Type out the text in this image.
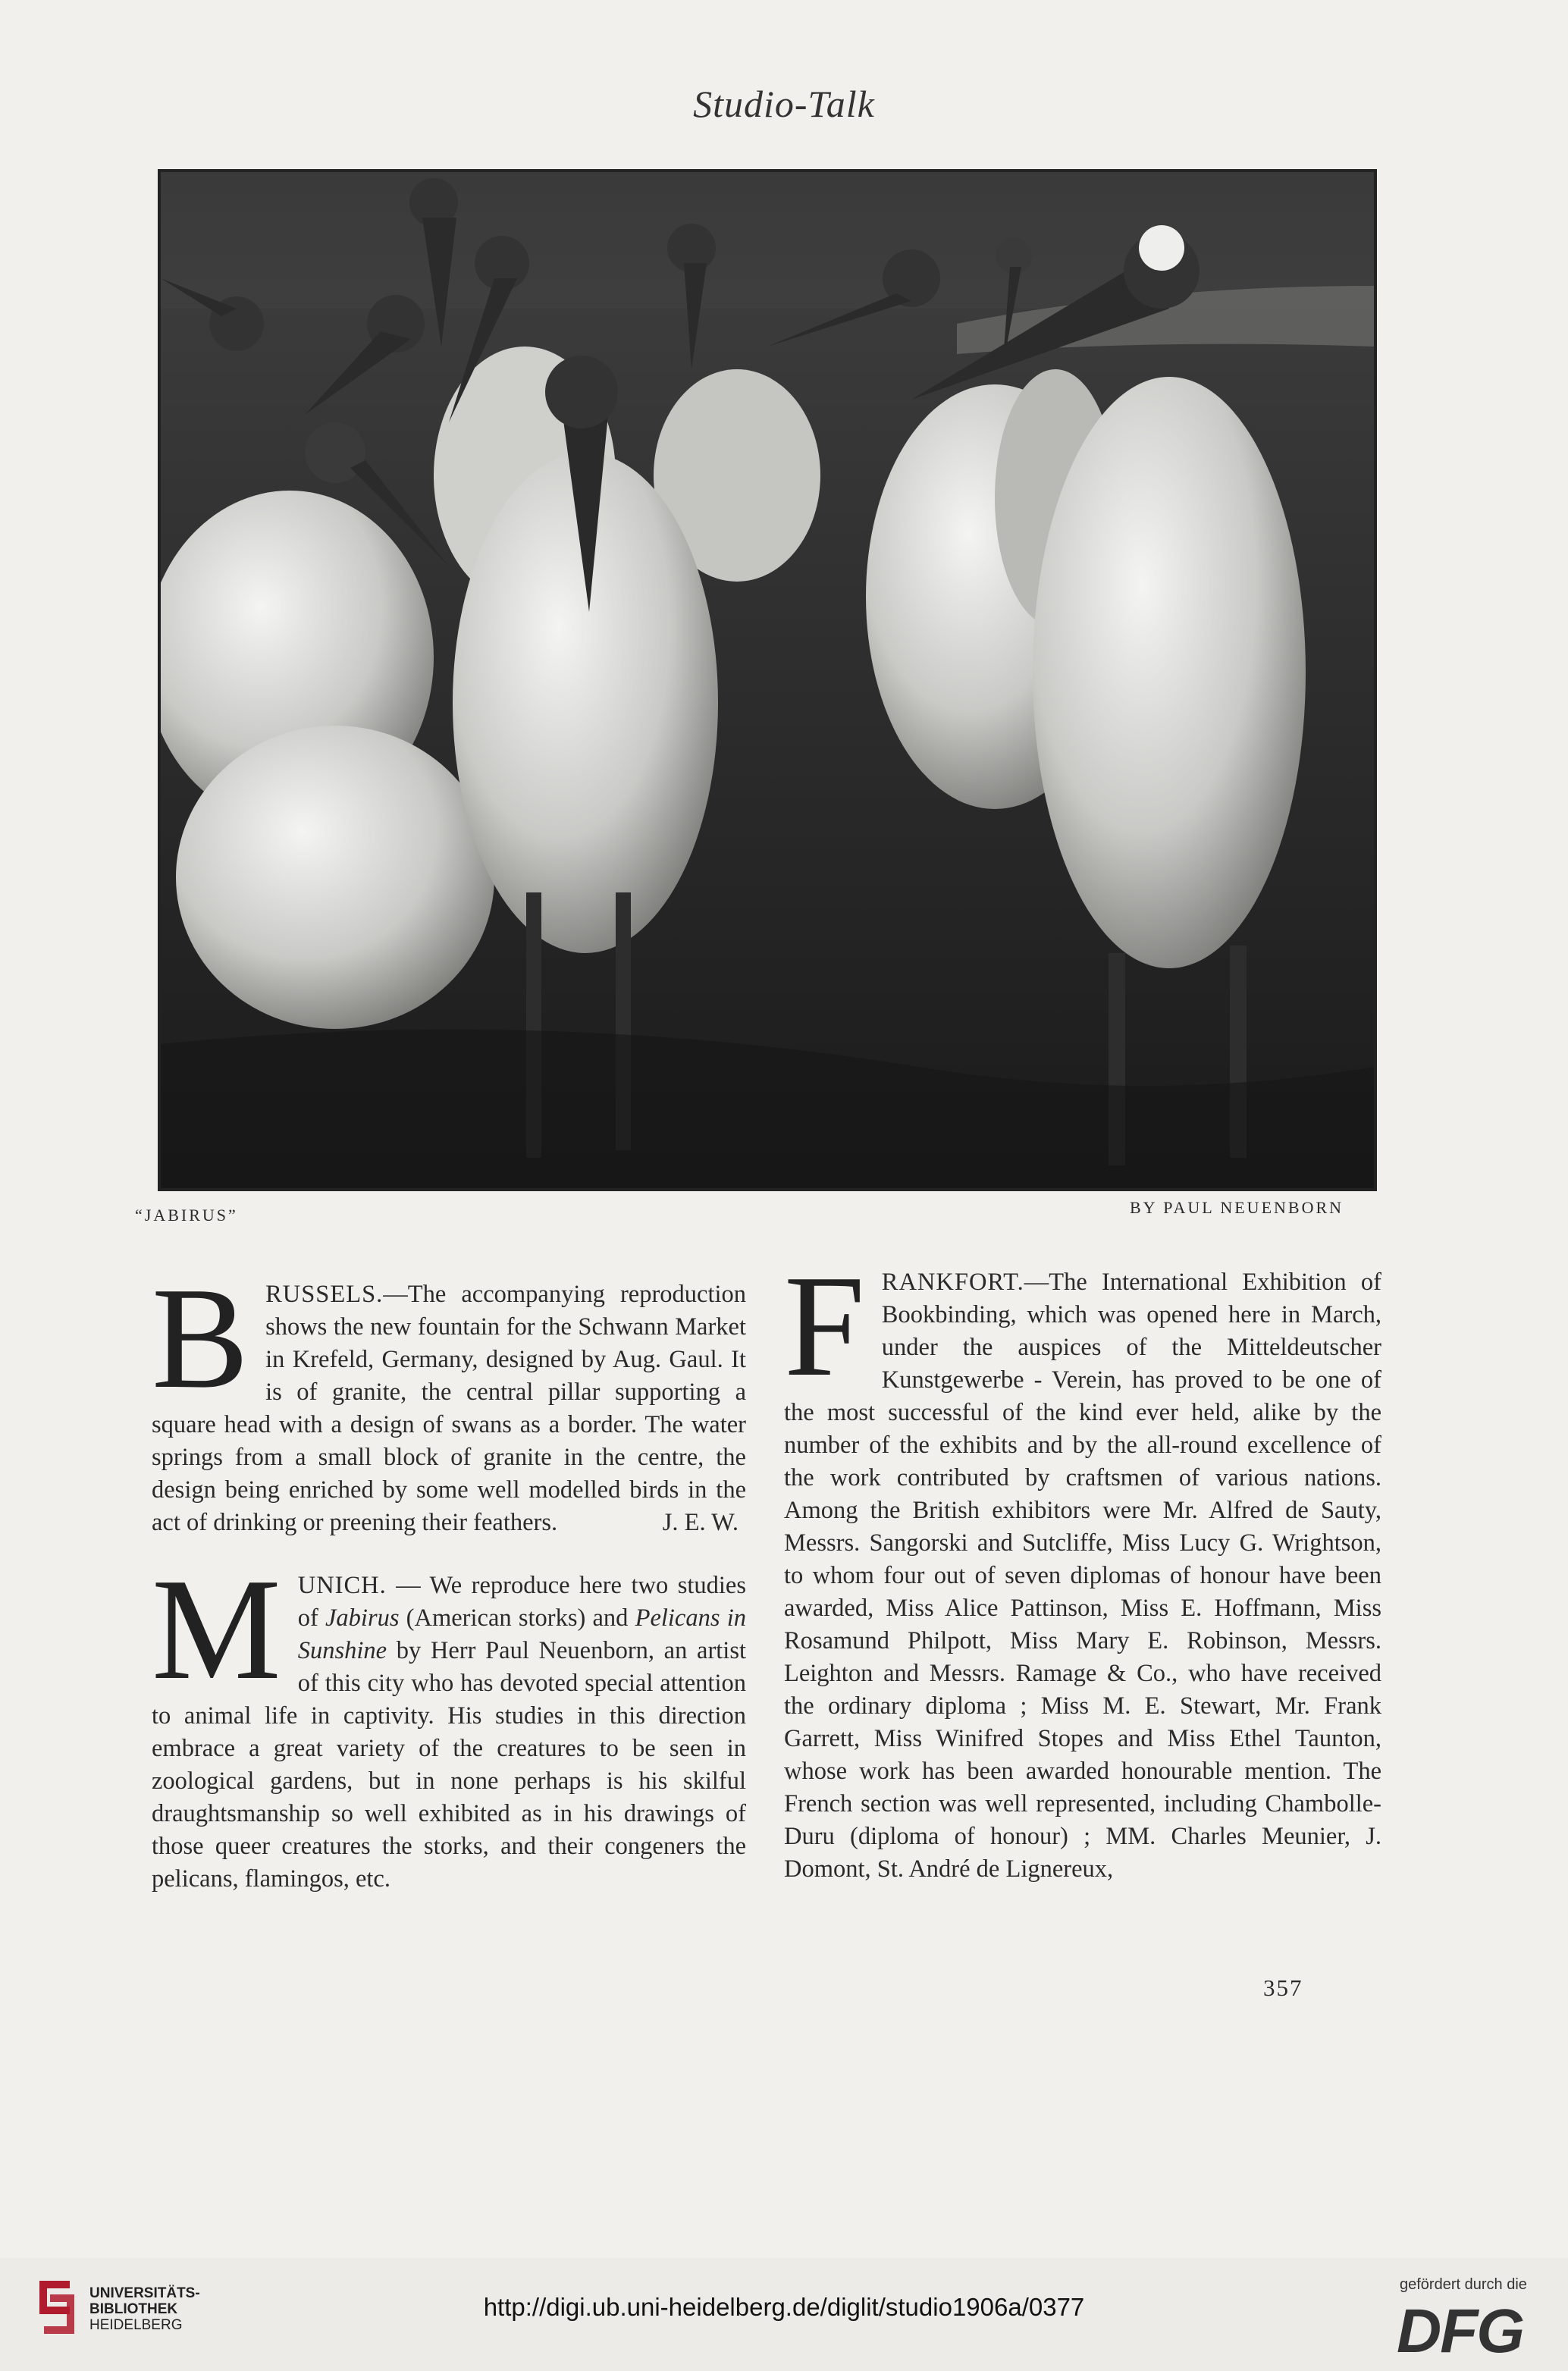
Studio-Talk
“JABIRUS”	BY PAUL NEUENBORN

BRUSSELS.—The accompanying reproduction shows the new fountain for the Schwann Market in Krefeld, Germany, designed by Aug. Gaul. It is of granite, the central pillar supporting a square head with a design of swans as a border. The water springs from a small block of granite in the centre, the design being enriched by some well modelled birds in the act of drinking or preening their feathers.	J. E. W.

MUNICH. — We reproduce here two studies of Jabirus (American storks) and Pelicans in Sunshine by Herr Paul Neuenborn, an artist of this city who has devoted special attention to animal life in captivity. His studies in this direction embrace a great variety of the creatures to be seen in zoological gardens, but in none perhaps is his skilful draughtsmanship so well exhibited as in his drawings of those queer creatures the storks, and their congeners the pelicans, flamingos, etc.

FRANKFORT.—The International Exhibition of Bookbinding, which was opened here in March, under the auspices of the Mitteldeutscher Kunstgewerbe - Verein, has proved to be one of the most successful of the kind ever held, alike by the number of the exhibits and by the all-round excellence of the work contributed by craftsmen of various nations. Among the British exhibitors were Mr. Alfred de Sauty, Messrs. Sangorski and Sutcliffe, Miss Lucy G. Wrightson, to whom four out of seven diplomas of honour have been awarded, Miss Alice Pattinson, Miss E. Hoffmann, Miss Rosamund Philpott, Miss Mary E. Robinson, Messrs. Leighton and Messrs. Ramage & Co., who have received the ordinary diploma ; Miss M. E. Stewart, Mr. Frank Garrett, Miss Winifred Stopes and Miss Ethel Taunton, whose work has been awarded honourable mention. The French section was well represented, including Chambolle-Duru (diploma of honour) ; MM. Charles Meunier, J. Domont, St. André de Lignereux,

357
UNIVERSITÄTS-
BIBLIOTHEK
HEIDELBERG
http://digi.ub.uni-heidelberg.de/diglit/studio1906a/0377
gefördert durch die
DFG
